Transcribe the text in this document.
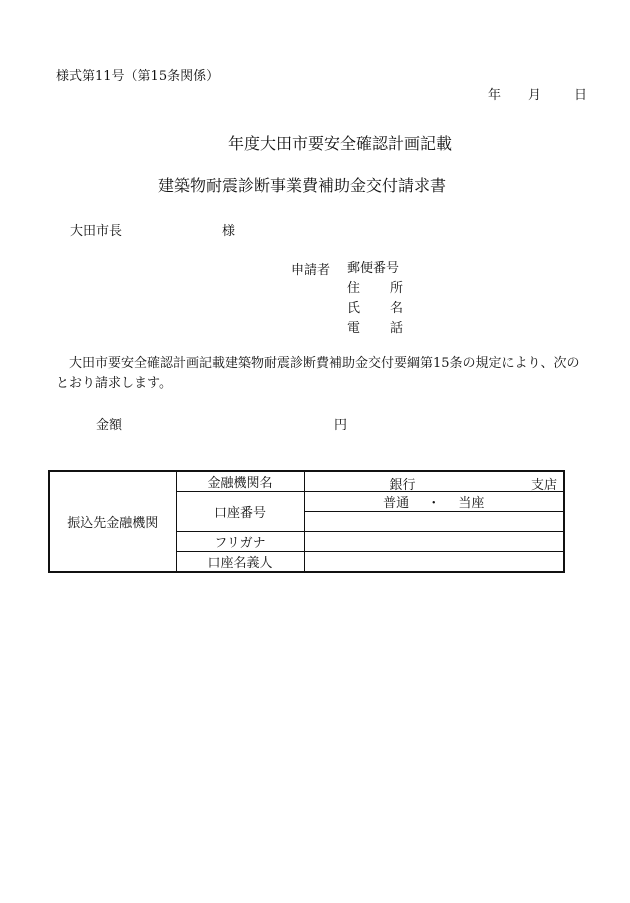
様式第11号（第15条関係）
年 月	日
年度大田市要安全確認計画記載
建築物耐震診断事業費補助金交付請求書
大田市長	様
申請者 郵便番号
住所
氏名
電話
大田市要安全確認計画記載建築物耐震診断費補助金交付要綱第15条の規定により、次のとおり請求します。
金額	円
振込先金融機関	金融機関名	銀行 支店

	口座番号	普通 ・ 当座

	フリガナ	
	口座名義人	
